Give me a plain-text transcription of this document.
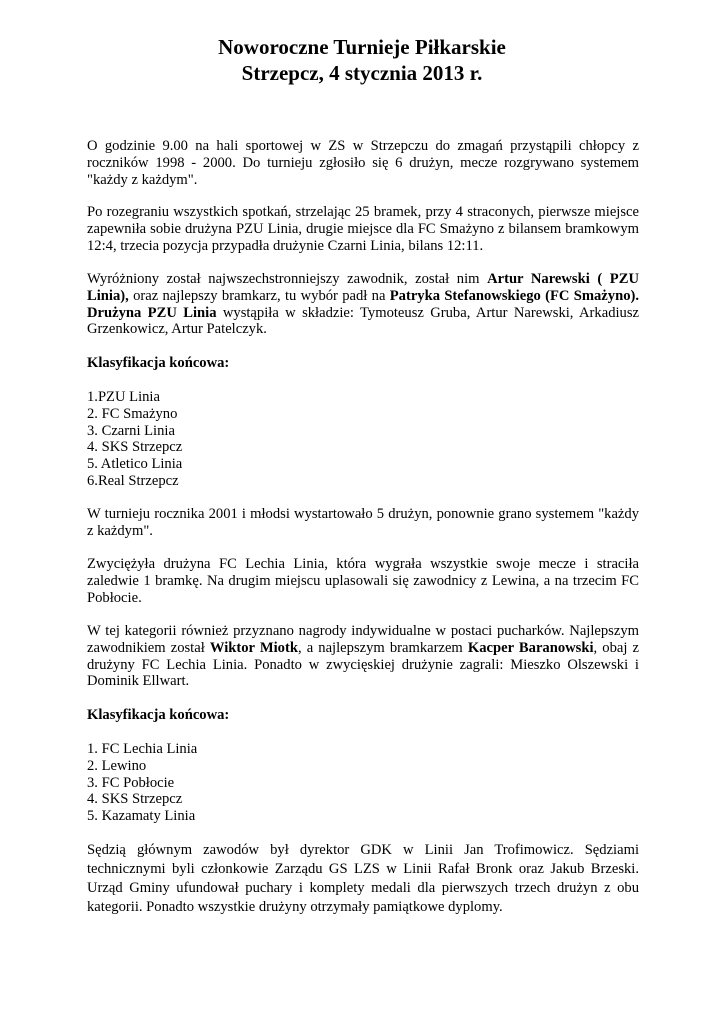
Noworoczne Turnieje Piłkarskie
Strzepcz, 4 stycznia 2013 r.

O godzinie 9.00 na hali sportowej w ZS w Strzepczu do zmagań przystąpili chłopcy z roczników 1998 - 2000. Do turnieju zgłosiło się 6 drużyn, mecze rozgrywano systemem "każdy z każdym".

Po rozegraniu wszystkich spotkań, strzelając 25 bramek, przy 4 straconych, pierwsze miejsce zapewniła sobie drużyna PZU Linia, drugie miejsce dla FC Smażyno z bilansem bramkowym 12:4, trzecia pozycja przypadła drużynie Czarni Linia, bilans 12:11.

Wyróżniony został najwszechstronniejszy zawodnik, został nim Artur Narewski ( PZU Linia), oraz najlepszy bramkarz, tu wybór padł na Patryka Stefanowskiego (FC Smażyno). Drużyna PZU Linia wystąpiła w składzie: Tymoteusz Gruba, Artur Narewski, Arkadiusz Grzenkowicz, Artur Patelczyk.

Klasyfikacja końcowa:

1.PZU Linia
2. FC Smażyno
3. Czarni Linia
4. SKS Strzepcz
5. Atletico Linia
6.Real Strzepcz

W turnieju rocznika 2001 i młodsi wystartowało 5 drużyn, ponownie grano systemem "każdy z każdym".

Zwyciężyła drużyna FC Lechia Linia, która wygrała wszystkie swoje mecze i straciła zaledwie 1 bramkę. Na drugim miejscu uplasowali się zawodnicy z Lewina, a na trzecim FC Pobłocie.

W tej kategorii również przyznano nagrody indywidualne w postaci pucharków. Najlepszym zawodnikiem został Wiktor Miotk, a najlepszym bramkarzem Kacper Baranowski, obaj z drużyny FC Lechia Linia. Ponadto w zwycięskiej drużynie zagrali: Mieszko Olszewski i Dominik Ellwart.

Klasyfikacja końcowa:

1. FC Lechia Linia
2. Lewino
3. FC Pobłocie
4. SKS Strzepcz
5. Kazamaty Linia

Sędzią głównym zawodów był dyrektor GDK w Linii Jan Trofimowicz. Sędziami technicznymi byli członkowie Zarządu GS LZS w Linii Rafał Bronk oraz Jakub Brzeski. Urząd Gminy ufundował puchary i komplety medali dla pierwszych trzech drużyn z obu kategorii. Ponadto wszystkie drużyny otrzymały pamiątkowe dyplomy.
